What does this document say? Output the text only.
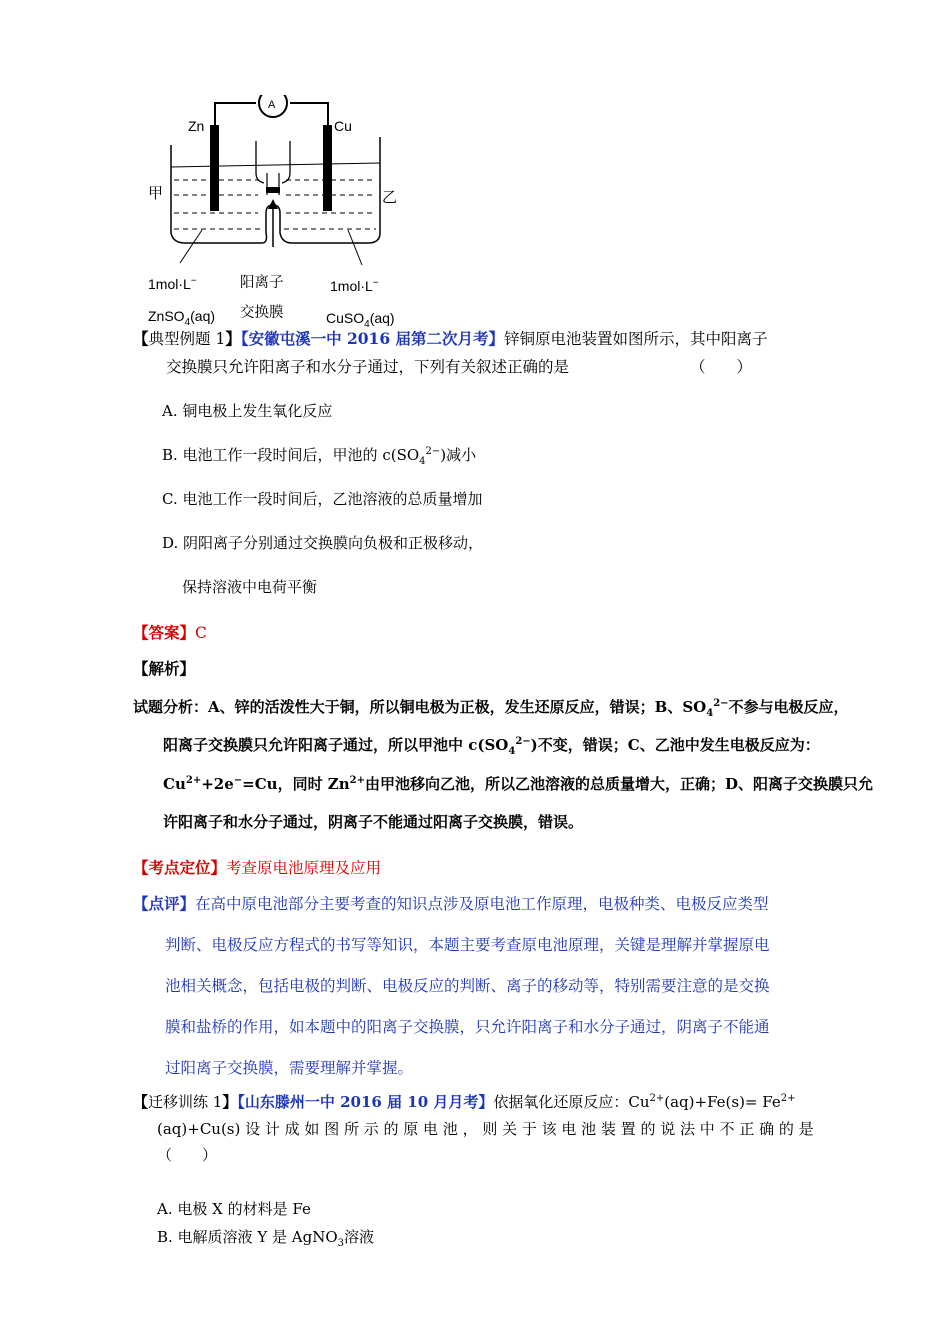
A
Zn	Cu
甲	乙
1mol·L−	阳离子	1mol·L−
ZnSO$_4$(aq) 交换膜	CuSO$_4$(aq)
【典型例题 1】【安徽屯溪一中 2016 届第二次月考】锌铜原电池装置如图所示，其中阳离子
交换膜只允许阳离子和水分子通过，下列有关叙述正确的是	（　　）
A. 铜电极上发生氧化反应
B. 电池工作一段时间后，甲池的 $c(SO_4^{2-})$减小
C. 电池工作一段时间后，乙池溶液的总质量增加
D. 阴阳离子分别通过交换膜向负极和正极移动，
保持溶液中电荷平衡
【答案】C
【解析】
试题分析：A、锌的活泼性大于铜，所以铜电极为正极，发生还原反应，错误；B、$SO_4^{2-}$不参与电极反应，
阳离子交换膜只允许阳离子通过，所以甲池中 $c(SO_4^{2-})$不变，错误；C、乙池中发生电极反应为：
$Cu^{2+}+2e^-=Cu$，同时 $Zn^{2+}$由甲池移向乙池，所以乙池溶液的总质量增大，正确；D、阳离子交换膜只允
许阳离子和水分子通过，阴离子不能通过阳离子交换膜，错误。
【考点定位】考查原电池原理及应用
【点评】在高中原电池部分主要考查的知识点涉及原电池工作原理，电极种类、电极反应类型
判断、电极反应方程式的书写等知识，本题主要考查原电池原理，关键是理解并掌握原电
池相关概念，包括电极的判断、电极反应的判断、离子的移动等，特别需要注意的是交换
膜和盐桥的作用，如本题中的阳离子交换膜，只允许阳离子和水分子通过，阴离子不能通
过阳离子交换膜，需要理解并掌握。
【迁移训练 1】【山东滕州一中 2016 届 10 月月考】依据氧化还原反应：$Cu^{2+}(aq)+Fe(s)= Fe^{2+}$
(aq)+Cu(s) 设 计 成 如 图 所 示 的 原 电 池 ， 则 关 于 该 电 池 装 置 的 说 法 中 不 正 确 的 是
（　　）
A. 电极 X 的材料是 Fe
B. 电解质溶液 Y 是 AgNO$_3$溶液
